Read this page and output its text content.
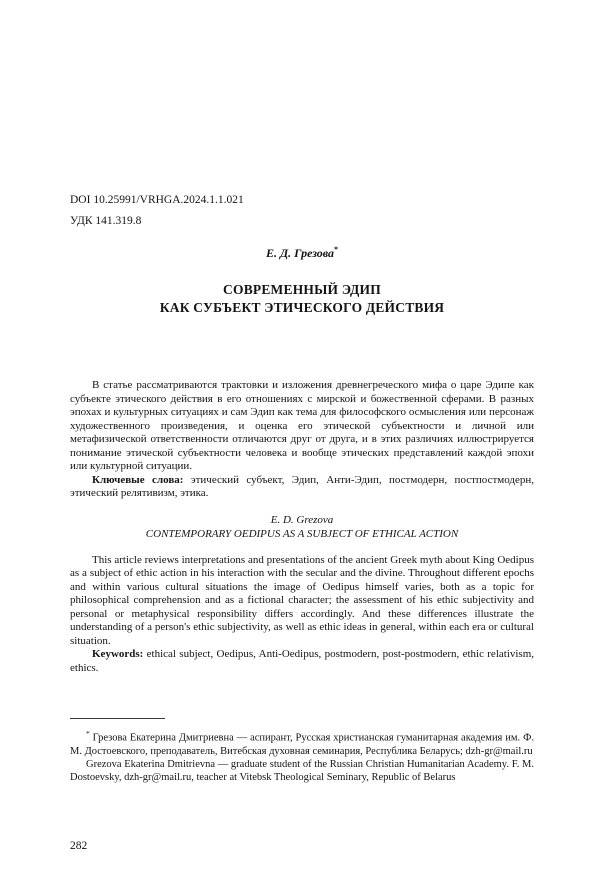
DOI 10.25991/VRHGA.2024.1.1.021
УДК 141.319.8
Е. Д. Грезова*
СОВРЕМЕННЫЙ ЭДИП
КАК СУБЪЕКТ ЭТИЧЕСКОГО ДЕЙСТВИЯ

В статье рассматриваются трактовки и изложения древнегреческого мифа о царе Эдипе как субъекте этического действия в его отношениях с мирской и божественной сферами. В разных эпохах и культурных ситуациях и сам Эдип как тема для философского осмысления или персонаж художественного произведения, и оценка его этической субъектности и личной или метафизической ответственности отличаются друг от друга, и в этих различиях иллюстрируется понимание этической субъектности человека и вообще этических представлений каждой эпохи или культурной ситуации.

Ключевые слова: этический субъект, Эдип, Анти-Эдип, постмодерн, постпостмодерн, этический релятивизм, этика.

E. D. Grezova
CONTEMPORARY OEDIPUS AS A SUBJECT OF ETHICAL ACTION

This article reviews interpretations and presentations of the ancient Greek myth about King Oedipus as a subject of ethic action in his interaction with the secular and the divine. Throughout different epochs and within various cultural situations the image of Oedipus himself varies, both as a topic for philosophical comprehension and as a fictional character; the assessment of his ethic subjectivity and personal or metaphysical responsibility differs accordingly. And these differences illustrate the understanding of a person's ethic subjectivity, as well as ethic ideas in general, within each era or cultural situation.

Keywords: ethical subject, Oedipus, Anti-Oedipus, postmodern, post-postmodern, ethic relativism, ethics.

* Грезова Екатерина Дмитриевна — аспирант, Русская христианская гуманитарная академия им. Ф. М. Достоевского, преподаватель, Витебская духовная семинария, Республика Беларусь; dzh-gr@mail.ru

Grezova Ekaterina Dmitrievna — graduate student of the Russian Christian Humanitarian Academy. F. M. Dostoevsky, dzh-gr@mail.ru, teacher at Vitebsk Theological Seminary, Republic of Belarus

282
